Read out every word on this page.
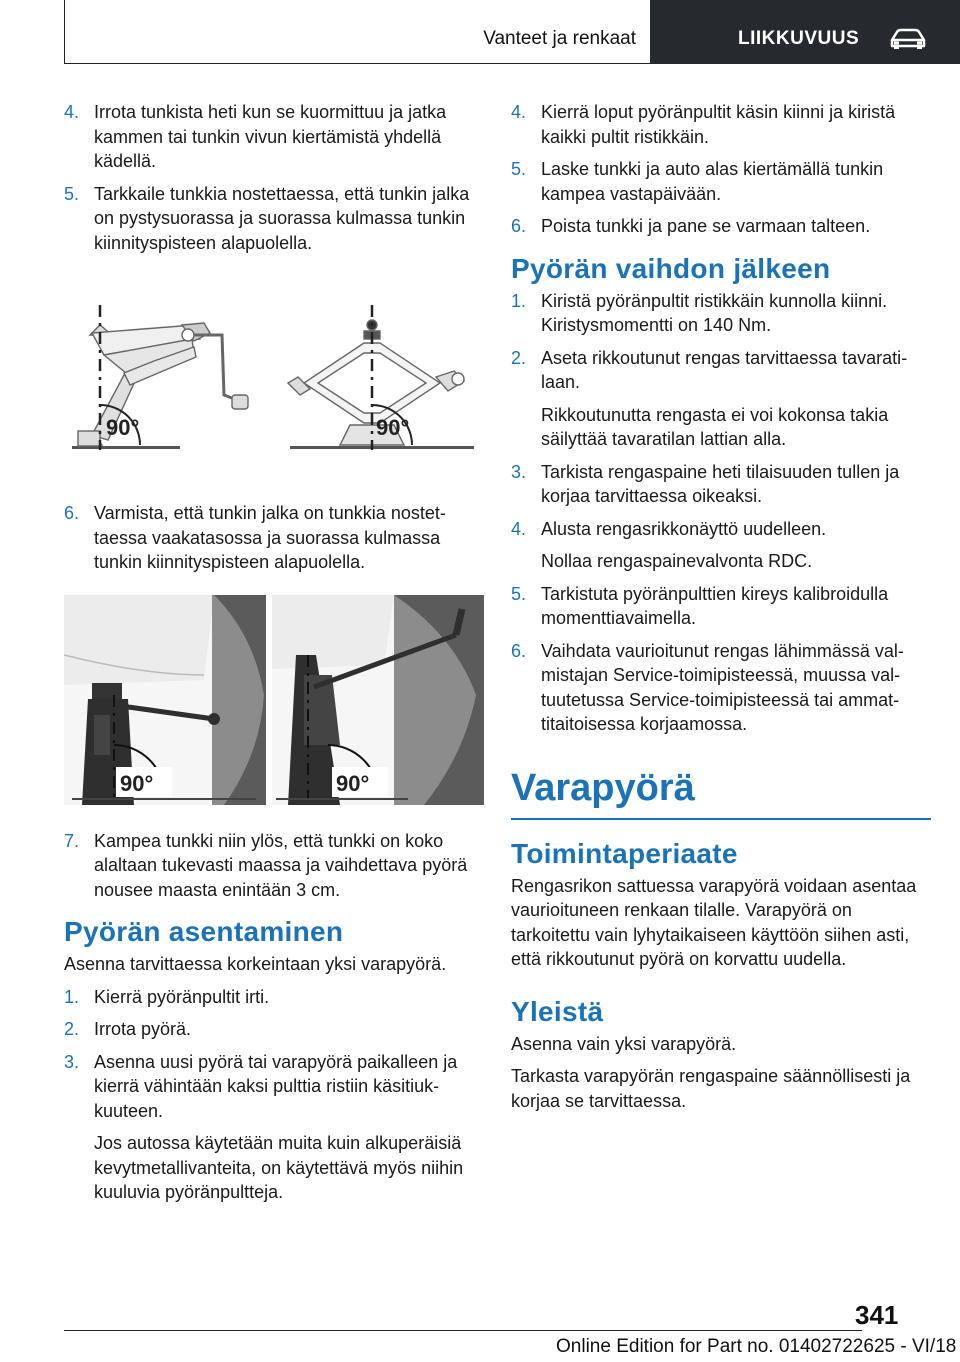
Vanteet ja renkaat	LIIKKUVUUS
4. Irrota tunkista heti kun se kuormittuu ja jatka kammen tai tunkin vivun kiertämistä yhdellä kädellä.
5. Tarkkaile tunkkia nostettaessa, että tunkin jalka on pystysuorassa ja suorassa kulmassa tunkin kiinnityspisteen alapuolella.
90°	90°
6. Varmista, että tunkin jalka on tunkkia nostettaessa vaakatasossa ja suorassa kulmassa tunkin kiinnityspisteen alapuolella.
90°	90°
7. Kampea tunkki niin ylös, että tunkki on koko alaltaan tukevasti maassa ja vaihdettava pyörä nousee maasta enintään 3 cm.
Pyörän asentaminen
Asenna tarvittaessa korkeintaan yksi varapyörä.
1. Kierrä pyöränpultit irti.
2. Irrota pyörä.
3. Asenna uusi pyörä tai varapyörä paikalleen ja kierrä vähintään kaksi pulttia ristiin käsitiukkuuteen.
Jos autossa käytetään muita kuin alkuperäisiä kevytmetallivanteita, on käytettävä myös niihin kuuluvia pyöränpultteja.
4. Kierrä loput pyöränpultit käsin kiinni ja kiristä kaikki pultit ristikkäin.
5. Laske tunkki ja auto alas kiertämällä tunkin kampea vastapäivään.
6. Poista tunkki ja pane se varmaan talteen.
Pyörän vaihdon jälkeen
1. Kiristä pyöränpultit ristikkäin kunnolla kiinni. Kiristysmomentti on 140 Nm.
2. Aseta rikkoutunut rengas tarvittaessa tavaratilaan.
Rikkoutunutta rengasta ei voi kokonsa takia säilyttää tavaratilan lattian alla.
3. Tarkista rengaspaine heti tilaisuuden tullen ja korjaa tarvittaessa oikeaksi.
4. Alusta rengasrikkonäyttö uudelleen.
Nollaa rengaspainevalvonta RDC.
5. Tarkistuta pyöränpulttien kireys kalibroidulla momenttiavaimella.
6. Vaihdata vaurioitunut rengas lähimmässä valmistajan Service-toimipisteessä, muussa valtuutetussa Service-toimipisteessä tai ammattitaitoisessa korjaamossa.
Varapyörä
Toimintaperiaate
Rengasrikon sattuessa varapyörä voidaan asentaa vaurioituneen renkaan tilalle. Varapyörä on tarkoitettu vain lyhytaikaiseen käyttöön siihen asti, että rikkoutunut pyörä on korvattu uudella.
Yleistä
Asenna vain yksi varapyörä.
Tarkasta varapyörän rengaspaine säännöllisesti ja korjaa se tarvittaessa.
341
Online Edition for Part no. 01402722625 - VI/18
